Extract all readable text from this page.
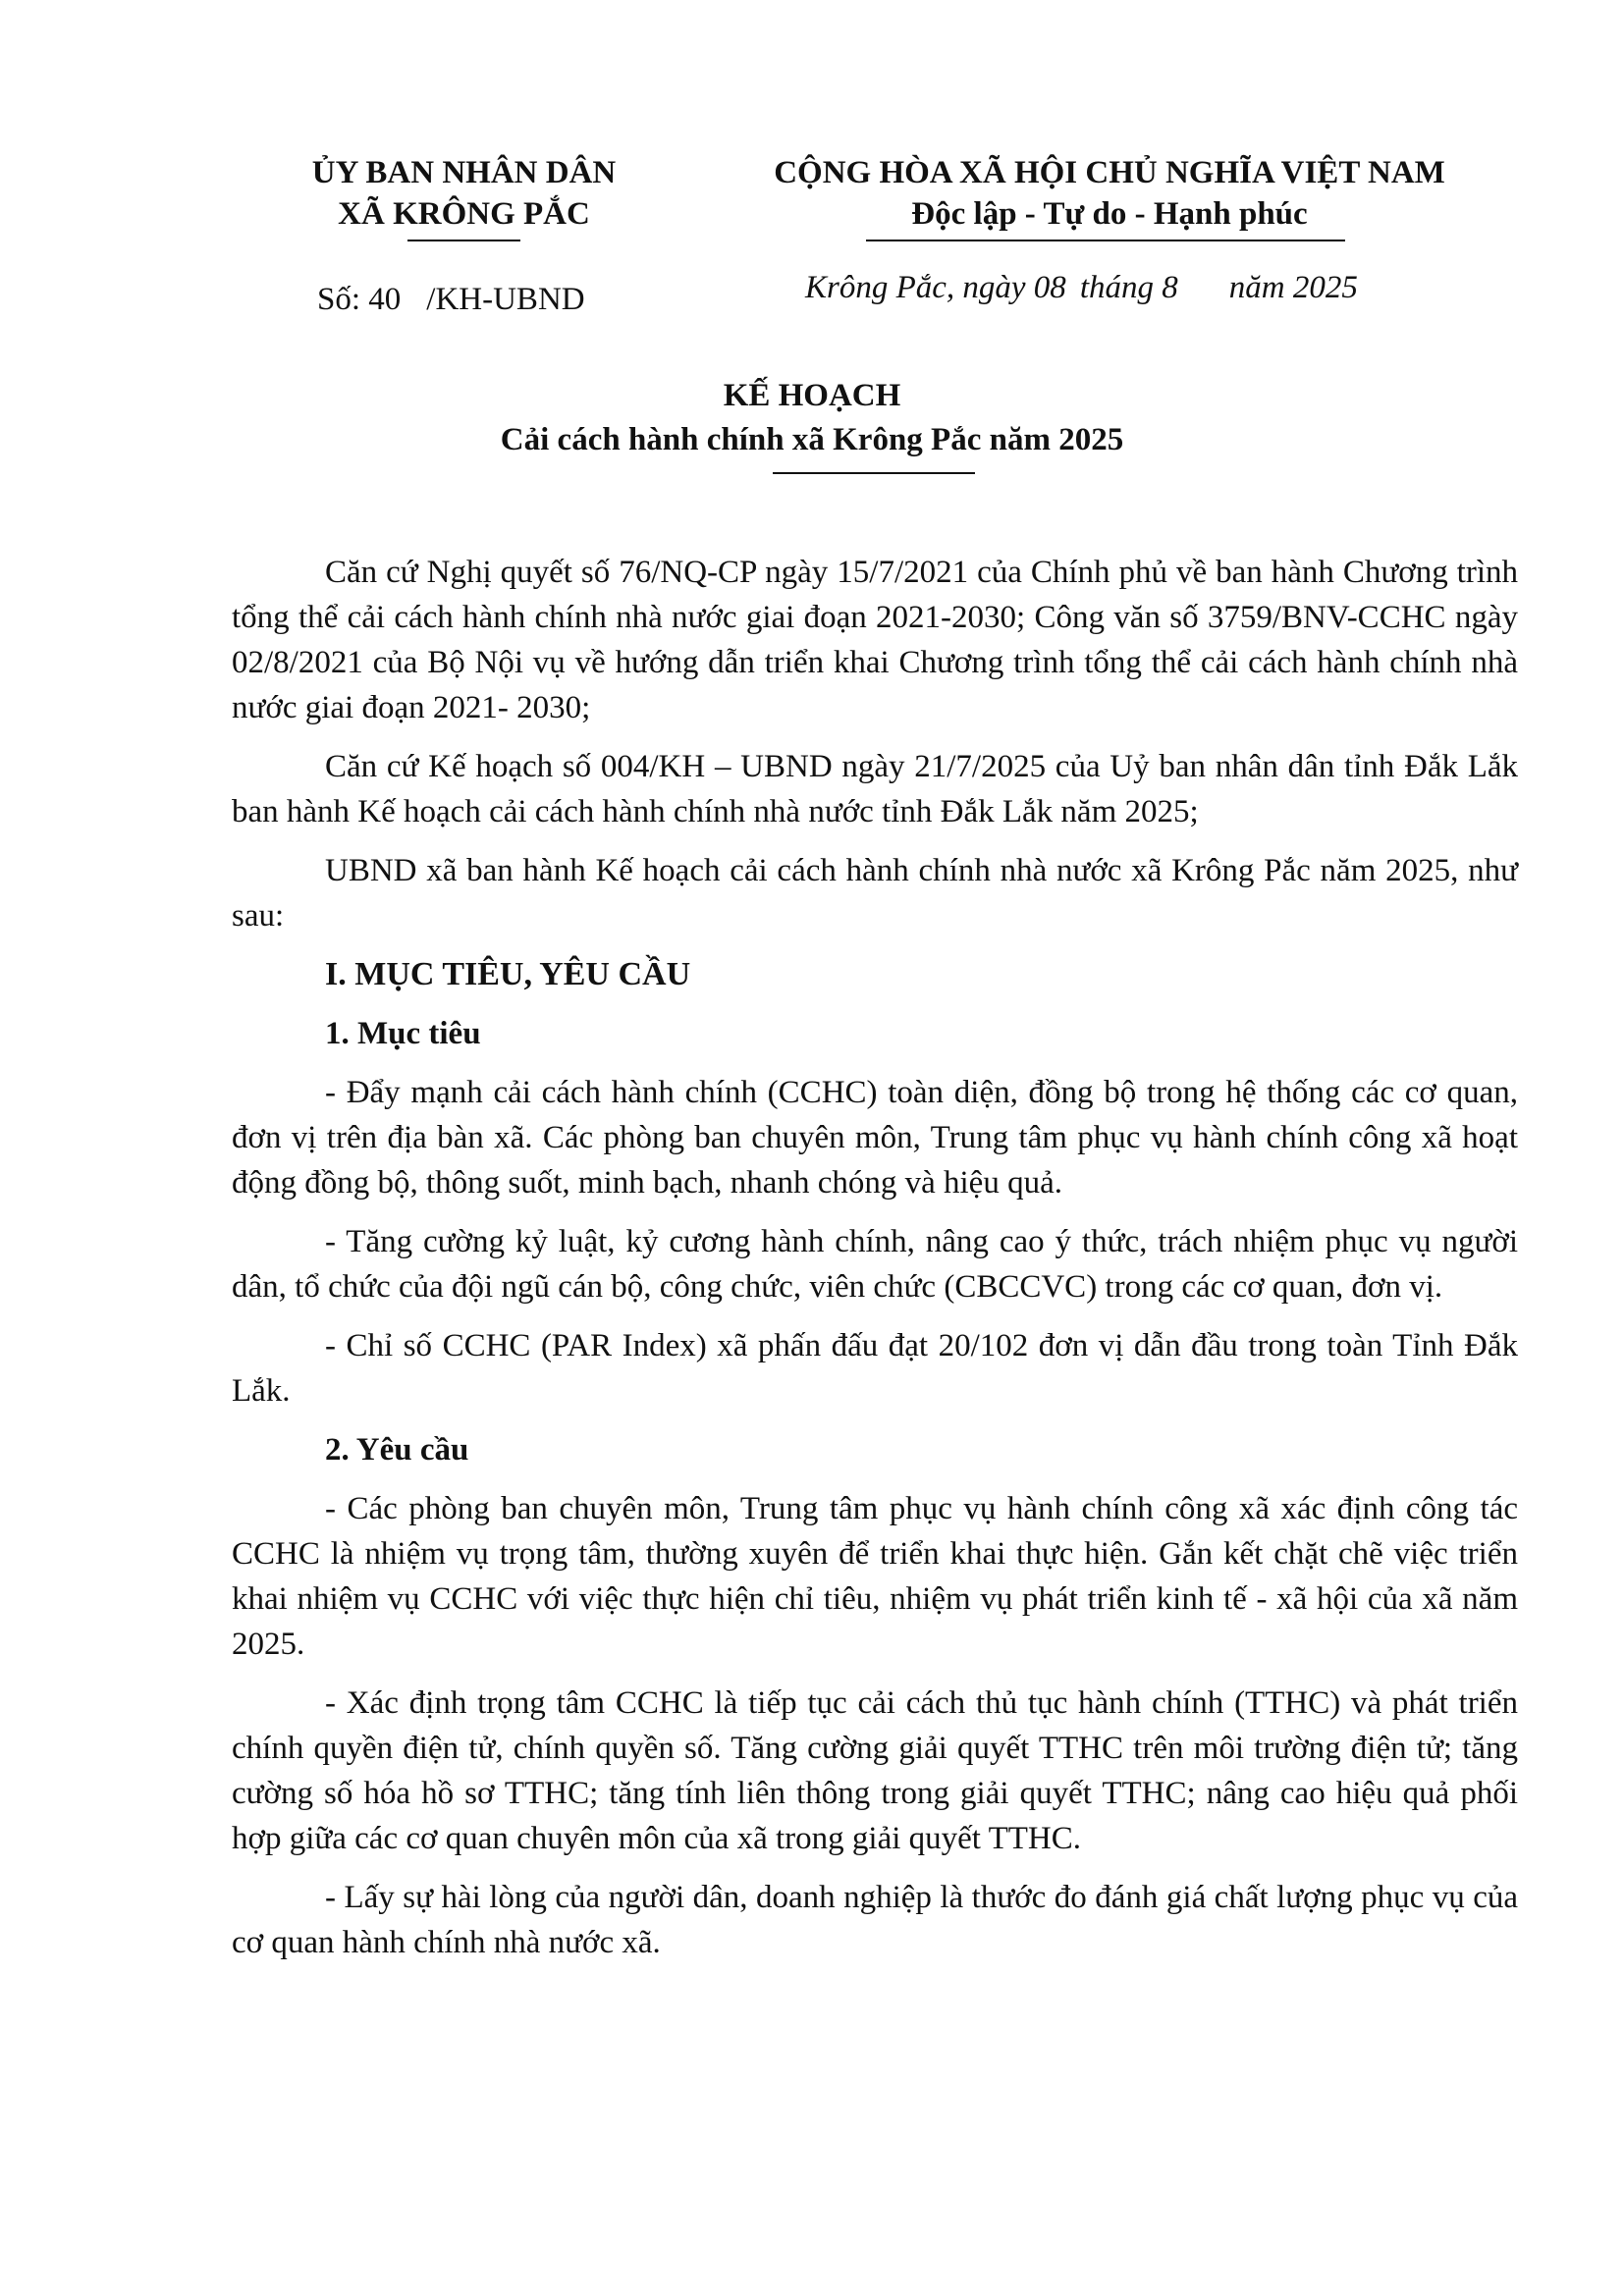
ỦY BAN NHÂN DÂN
XÃ KRÔNG PẮC
CỘNG HÒA XÃ HỘI CHỦ NGHĨA VIỆT NAM
Độc lập - Tự do - Hạnh phúc
Số: 40 /KH-UBND	Krông Pắc, ngày 08 tháng 8 năm 2025
KẾ HOẠCH
Cải cách hành chính xã Krông Pắc năm 2025

Căn cứ Nghị quyết số 76/NQ-CP ngày 15/7/2021 của Chính phủ về ban hành Chương trình tổng thể cải cách hành chính nhà nước giai đoạn 2021-2030; Công văn số 3759/BNV-CCHC ngày 02/8/2021 của Bộ Nội vụ về hướng dẫn triển khai Chương trình tổng thể cải cách hành chính nhà nước giai đoạn 2021- 2030;

Căn cứ Kế hoạch số 004/KH – UBND ngày 21/7/2025 của Uỷ ban nhân dân tỉnh Đắk Lắk ban hành Kế hoạch cải cách hành chính nhà nước tỉnh Đắk Lắk năm 2025;

UBND xã ban hành Kế hoạch cải cách hành chính nhà nước xã Krông Pắc năm 2025, như sau:

I. MỤC TIÊU, YÊU CẦU

1. Mục tiêu

- Đẩy mạnh cải cách hành chính (CCHC) toàn diện, đồng bộ trong hệ thống các cơ quan, đơn vị trên địa bàn xã. Các phòng ban chuyên môn, Trung tâm phục vụ hành chính công xã hoạt động đồng bộ, thông suốt, minh bạch, nhanh chóng và hiệu quả.

- Tăng cường kỷ luật, kỷ cương hành chính, nâng cao ý thức, trách nhiệm phục vụ người dân, tổ chức của đội ngũ cán bộ, công chức, viên chức (CBCCVC) trong các cơ quan, đơn vị.

- Chỉ số CCHC (PAR Index) xã phấn đấu đạt 20/102 đơn vị dẫn đầu trong toàn Tỉnh Đắk Lắk.

2. Yêu cầu

- Các phòng ban chuyên môn, Trung tâm phục vụ hành chính công xã xác định công tác CCHC là nhiệm vụ trọng tâm, thường xuyên để triển khai thực hiện. Gắn kết chặt chẽ việc triển khai nhiệm vụ CCHC với việc thực hiện chỉ tiêu, nhiệm vụ phát triển kinh tế - xã hội của xã năm 2025.

- Xác định trọng tâm CCHC là tiếp tục cải cách thủ tục hành chính (TTHC) và phát triển chính quyền điện tử, chính quyền số. Tăng cường giải quyết TTHC trên môi trường điện tử; tăng cường số hóa hồ sơ TTHC; tăng tính liên thông trong giải quyết TTHC; nâng cao hiệu quả phối hợp giữa các cơ quan chuyên môn của xã trong giải quyết TTHC.

- Lấy sự hài lòng của người dân, doanh nghiệp là thước đo đánh giá chất lượng phục vụ của cơ quan hành chính nhà nước xã.
